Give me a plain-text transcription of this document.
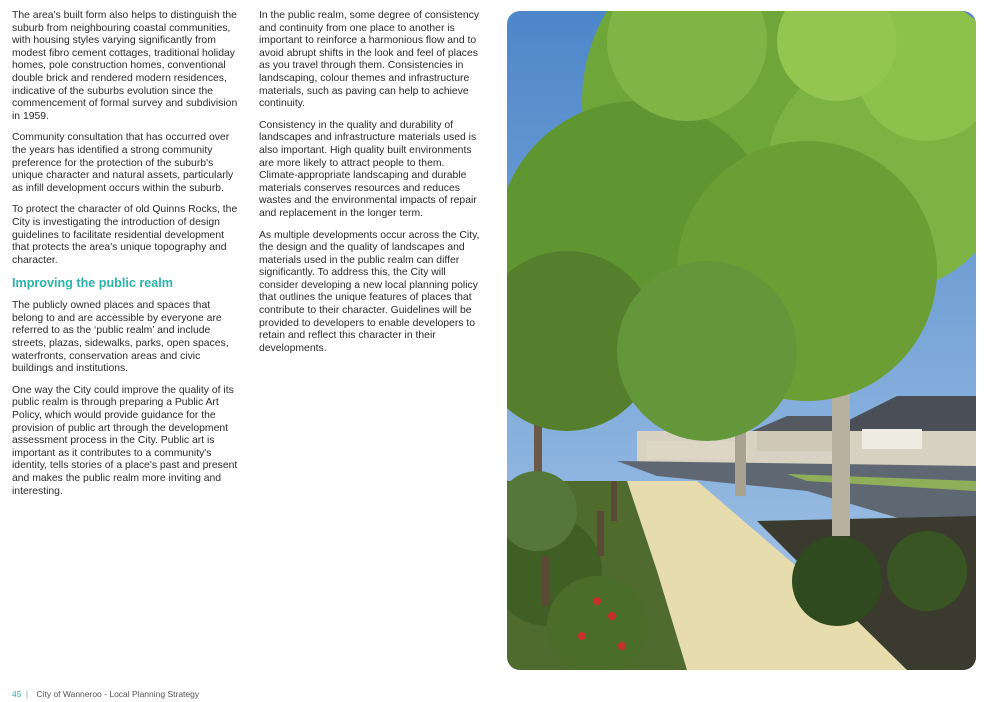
The area's built form also helps to distinguish the suburb from neighbouring coastal communities, with housing styles varying significantly from modest fibro cement cottages, traditional holiday homes, pole construction homes, conventional double brick and rendered modern residences, indicative of the suburbs evolution since the commencement of formal survey and subdivision in 1959.

Community consultation that has occurred over the years has identified a strong community preference for the protection of the suburb's unique character and natural assets, particularly as infill development occurs within the suburb.

To protect the character of old Quinns Rocks, the City is investigating the introduction of design guidelines to facilitate residential development that protects the area's unique topography and character.

Improving the public realm

The publicly owned places and spaces that belong to and are accessible by everyone are referred to as the ‘public realm’ and include streets, plazas, sidewalks, parks, open spaces, waterfronts, conservation areas and civic buildings and institutions.

One way the City could improve the quality of its public realm is through preparing a Public Art Policy, which would provide guidance for the provision of public art through the development assessment process in the City. Public art is important as it contributes to a community's identity, tells stories of a place's past and present and makes the public realm more inviting and interesting.

In the public realm, some degree of consistency and continuity from one place to another is important to reinforce a harmonious flow and to avoid abrupt shifts in the look and feel of places as you travel through them. Consistencies in landscaping, colour themes and infrastructure materials, such as paving can help to achieve continuity.

Consistency in the quality and durability of landscapes and infrastructure materials used is also important. High quality built environments are more likely to attract people to them. Climate-appropriate landscaping and durable materials conserves resources and reduces wastes and the environmental impacts of repair and replacement in the longer term.

As multiple developments occur across the City, the design and the quality of landscapes and materials used in the public realm can differ significantly. To address this, the City will consider developing a new local planning policy that outlines the unique features of places that contribute to their character. Guidelines will be provided to developers to enable developers to retain and reflect this character in their developments.

45 | City of Wanneroo - Local Planning Strategy
